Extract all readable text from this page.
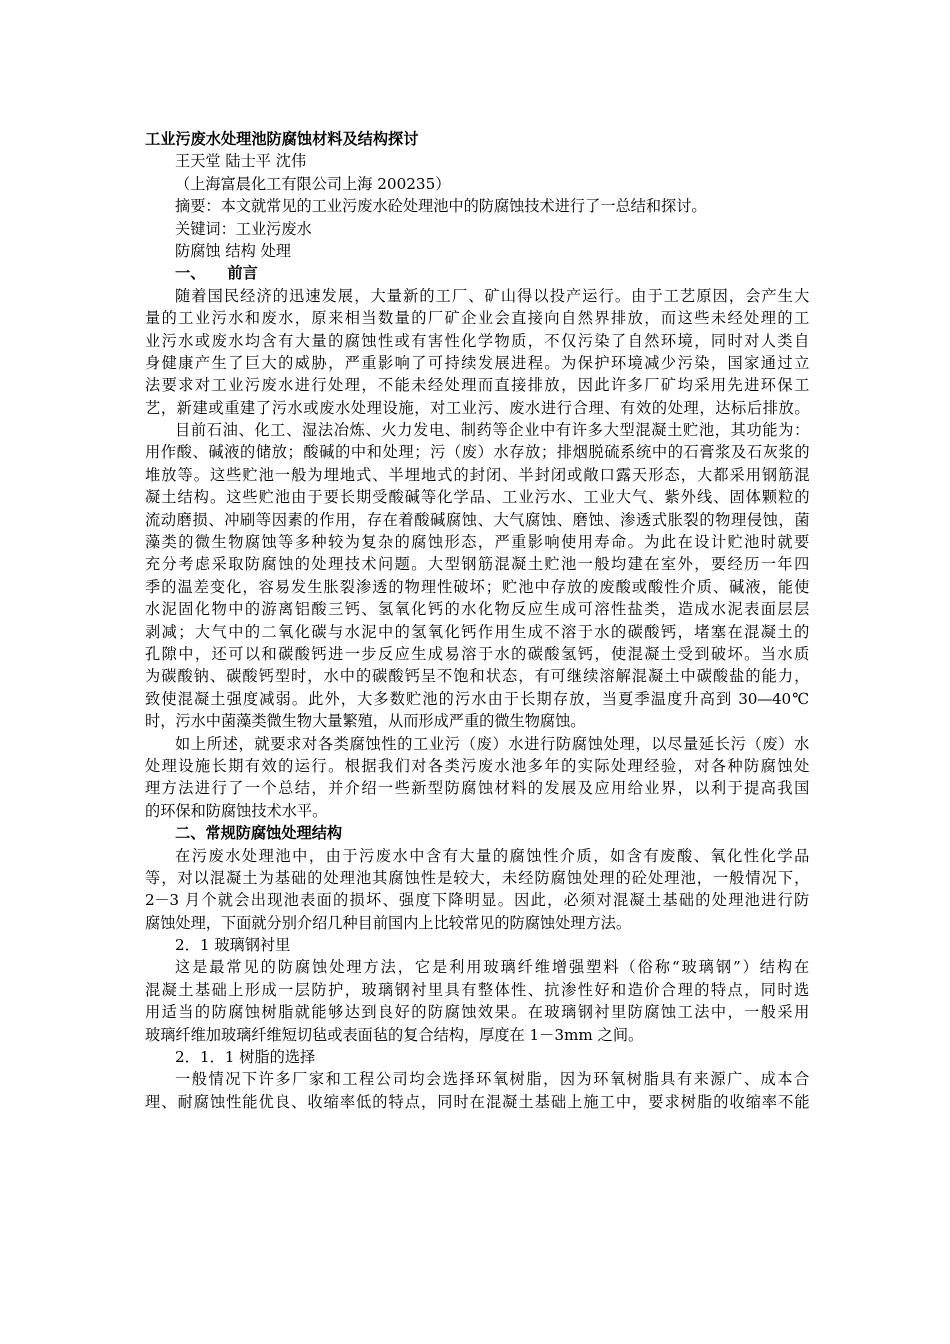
工业污废水处理池防腐蚀材料及结构探讨
王天堂 陆士平 沈伟
（上海富晨化工有限公司上海 200235）
摘要：本文就常见的工业污废水砼处理池中的防腐蚀技术进行了一总结和探讨。
关键词：工业污废水
防腐蚀 结构 处理
一、 前言
随着国民经济的迅速发展，大量新的工厂、矿山得以投产运行。由于工艺原因，会产生大
量的工业污水和废水，原来相当数量的厂矿企业会直接向自然界排放，而这些未经处理的工
业污水或废水均含有大量的腐蚀性或有害性化学物质，不仅污染了自然环境，同时对人类自
身健康产生了巨大的威胁，严重影响了可持续发展进程。为保护环境减少污染，国家通过立
法要求对工业污废水进行处理，不能未经处理而直接排放，因此许多厂矿均采用先进环保工
艺，新建或重建了污水或废水处理设施，对工业污、废水进行合理、有效的处理，达标后排放。
目前石油、化工、湿法冶炼、火力发电、制药等企业中有许多大型混凝土贮池，其功能为：
用作酸、碱液的储放；酸碱的中和处理；污（废）水存放；排烟脱硫系统中的石膏浆及石灰浆的
堆放等。这些贮池一般为埋地式、半埋地式的封闭、半封闭或敞口露天形态，大都采用钢筋混
凝土结构。这些贮池由于要长期受酸碱等化学品、工业污水、工业大气、紫外线、固体颗粒的
流动磨损、冲刷等因素的作用，存在着酸碱腐蚀、大气腐蚀、磨蚀、渗透式胀裂的物理侵蚀，菌
藻类的微生物腐蚀等多种较为复杂的腐蚀形态，严重影响使用寿命。为此在设计贮池时就要
充分考虑采取防腐蚀的处理技术问题。大型钢筋混凝土贮池一般均建在室外，要经历一年四
季的温差变化，容易发生胀裂渗透的物理性破坏；贮池中存放的废酸或酸性介质、碱液，能使
水泥固化物中的游离铝酸三钙、氢氧化钙的水化物反应生成可溶性盐类，造成水泥表面层层
剥减；大气中的二氧化碳与水泥中的氢氧化钙作用生成不溶于水的碳酸钙，堵塞在混凝土的
孔隙中，还可以和碳酸钙进一步反应生成易溶于水的碳酸氢钙，使混凝土受到破坏。当水质
为碳酸钠、碳酸钙型时，水中的碳酸钙呈不饱和状态，有可继续溶解混凝土中碳酸盐的能力，
致使混凝土强度减弱。此外，大多数贮池的污水由于长期存放，当夏季温度升高到 30—40℃
时，污水中菌藻类微生物大量繁殖，从而形成严重的微生物腐蚀。
如上所述，就要求对各类腐蚀性的工业污（废）水进行防腐蚀处理，以尽量延长污（废）水
处理设施长期有效的运行。根据我们对各类污废水池多年的实际处理经验，对各种防腐蚀处
理方法进行了一个总结，并介绍一些新型防腐蚀材料的发展及应用给业界，以利于提高我国
的环保和防腐蚀技术水平。
二、常规防腐蚀处理结构
在污废水处理池中，由于污废水中含有大量的腐蚀性介质，如含有废酸、氧化性化学品
等，对以混凝土为基础的处理池其腐蚀性是较大，未经防腐蚀处理的砼处理池，一般情况下，
2－3 月个就会出现池表面的损坏、强度下降明显。因此，必须对混凝土基础的处理池进行防
腐蚀处理，下面就分别介绍几种目前国内上比较常见的防腐蚀处理方法。
2．1 玻璃钢衬里
这是最常见的防腐蚀处理方法，它是利用玻璃纤维增强塑料（俗称“玻璃钢”）结构在
混凝土基础上形成一层防护，玻璃钢衬里具有整体性、抗渗性好和造价合理的特点，同时选
用适当的防腐蚀树脂就能够达到良好的防腐蚀效果。在玻璃钢衬里防腐蚀工法中，一般采用
玻璃纤维加玻璃纤维短切毡或表面毡的复合结构，厚度在 1－3mm 之间。
2．1．1 树脂的选择
一般情况下许多厂家和工程公司均会选择环氧树脂，因为环氧树脂具有来源广、成本合
理、耐腐蚀性能优良、收缩率低的特点，同时在混凝土基础上施工中，要求树脂的收缩率不能
